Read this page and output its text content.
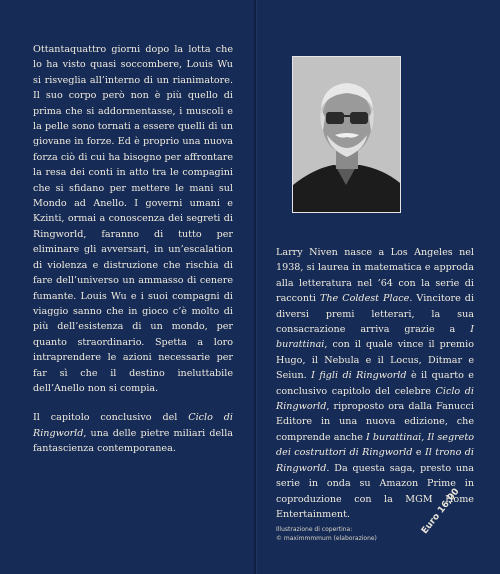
Ottantaquattro giorni dopo la lotta che lo ha visto quasi soccombere, Louis Wu si risveglia all’interno di un rianimatore. Il suo corpo però non è più quello di prima che si addormentasse, i muscoli e la pelle sono tornati a essere quelli di un giovane in forze. Ed è proprio una nuova forza ciò di cui ha bisogno per affrontare la resa dei conti in atto tra le compagini che si sfidano per mettere le mani sul Mondo ad Anello. I governi umani e Kzinti, ormai a conoscenza dei segreti di Ringworld, faranno di tutto per eliminare gli avversari, in un’escalation di violenza e distruzione che rischia di fare dell’universo un ammasso di cenere fumante. Louis Wu e i suoi compagni di viaggio sanno che in gioco c’è molto di più dell’esistenza di un mondo, per quanto straordinario. Spetta a loro intraprendere le azioni necessarie per far sì che il destino ineluttabile dell’Anello non si compia.

Il capitolo conclusivo del Ciclo di Ringworld, una delle pietre miliari della fantascienza contemporanea.

Larry Niven nasce a Los Angeles nel 1938, si laurea in matematica e approda alla letteratura nel ’64 con la serie di racconti The Coldest Place. Vincitore di diversi premi letterari, la sua consacrazione arriva grazie a I burattinai, con il quale vince il premio Hugo, il Nebula e il Locus, Ditmar e Seiun. I figli di Ringworld è il quarto e conclusivo capitolo del celebre Ciclo di Ringworld, riproposto ora dalla Fanucci Editore in una nuova edizione, che comprende anche I burattinai, Il segreto dei costruttori di Ringworld e Il trono di Ringworld. Da questa saga, presto una serie in onda su Amazon Prime in coproduzione con la MGM Home Entertainment.

Illustrazione di copertina:
© maximmmmum (elaborazione)
Euro 16,00
